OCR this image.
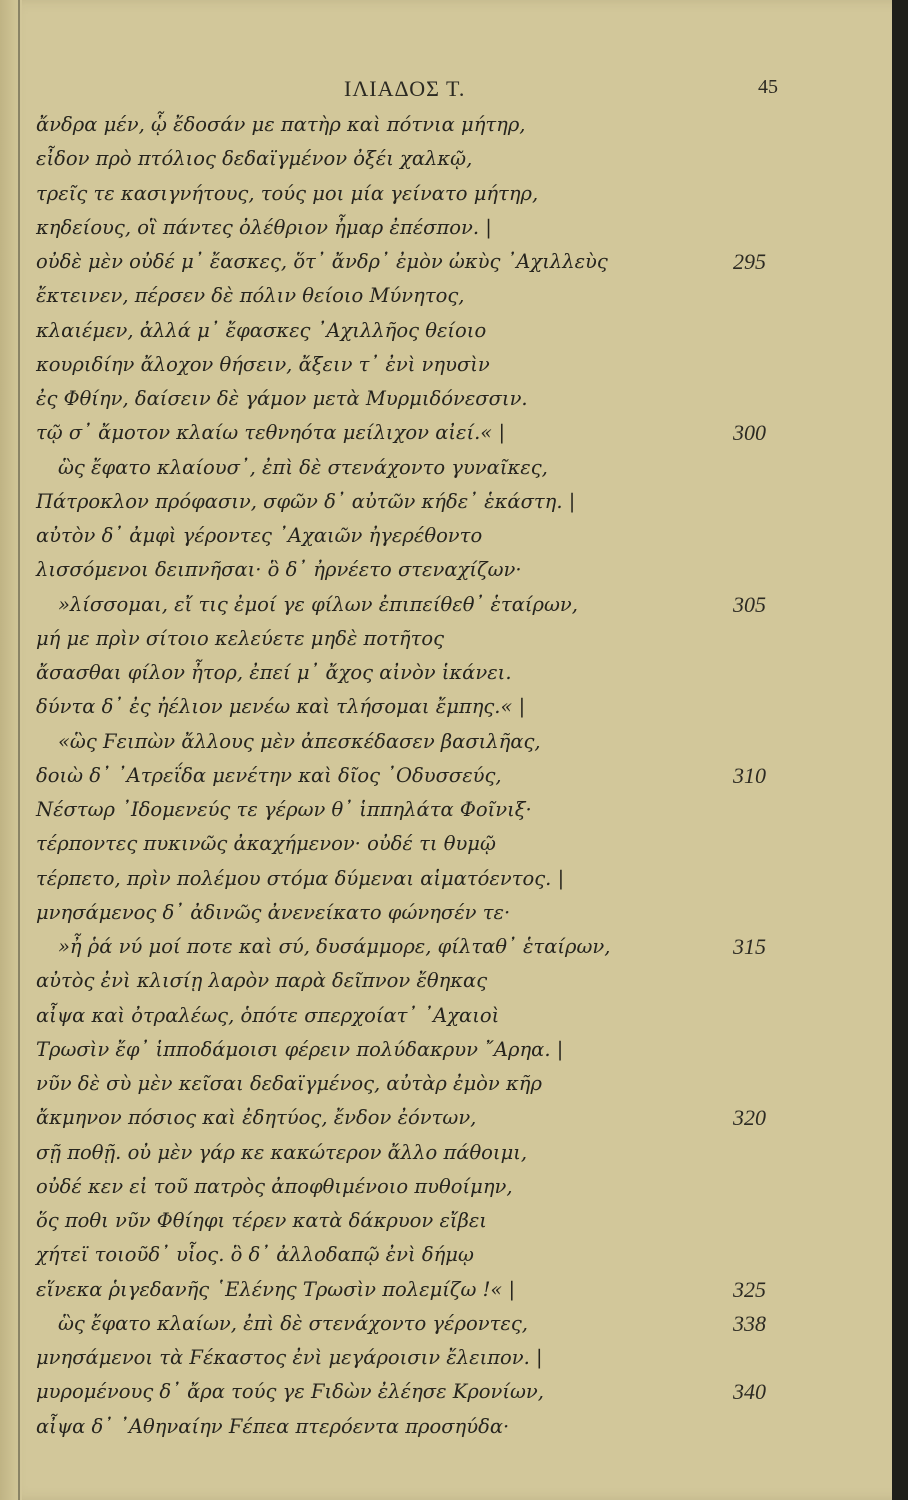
ΙΛΙΑΔΟΣ Τ.	45
ἄνδρα μέν, ᾧ ἔδοσάν με πατὴρ καὶ πότνια μήτηρ,
εἶδον πρὸ πτόλιος δεδαϊγμένον ὀξέι χαλκῷ,
τρεῖς τε κασιγνήτους, τούς μοι μία γείνατο μήτηρ,
κηδείους, οἳ πάντες ὀλέθριον ἦμαρ ἐπέσπον. |
οὐδὲ μὲν οὐδέ μ᾽ ἔασκες, ὅτ᾽ ἄνδρ᾽ ἐμὸν ὠκὺς ᾽Αχιλλεὺς	295
ἔκτεινεν, πέρσεν δὲ πόλιν θείοιο Μύνητος,
κλαιέμεν, ἀλλά μ᾽ ἔφασκες ᾽Αχιλλῆος θείοιο
κουριδίην ἄλοχον θήσειν, ἄξειν τ᾽ ἐνὶ νηυσὶν
ἐς Φθίην, δαίσειν δὲ γάμον μετὰ Μυρμιδόνεσσιν.
τῷ σ᾽ ἄμοτον κλαίω τεθνηότα μείλιχον αἰεί.« |	300
ὣς ἔφατο κλαίουσ᾽, ἐπὶ δὲ στενάχοντο γυναῖκες,
Πάτροκλον πρόφασιν, σφῶν δ᾽ αὐτῶν κήδε᾽ ἑκάστη. |
αὐτὸν δ᾽ ἀμφὶ γέροντες ᾽Αχαιῶν ἠγερέθοντο
λισσόμενοι δειπνῆσαι· ὃ δ᾽ ἠρνέετο στεναχίζων·
»λίσσομαι, εἴ τις ἐμοί γε φίλων ἐπιπείθεθ᾽ ἑταίρων,	305
μή με πρὶν σίτοιο κελεύετε μηδὲ ποτῆτος
ἄσασθαι φίλον ἦτορ, ἐπεί μ᾽ ἄχος αἰνὸν ἱκάνει.
δύντα δ᾽ ἐς ἠέλιον μενέω καὶ τλήσομαι ἔμπης.« |
«ὣς Ϝειπὼν ἄλλους μὲν ἀπεσκέδασεν βασιλῆας,
δοιὼ δ᾽ ᾽Ατρεΐδα μενέτην καὶ δῖος ᾽Οδυσσεύς,	310
Νέστωρ ᾽Ιδομενεύς τε γέρων θ᾽ ἱππηλάτα Φοῖνιξ·
τέρποντες πυκινῶς ἀκαχήμενον· οὐδέ τι θυμῷ
τέρπετο, πρὶν πολέμου στόμα δύμεναι αἱματόεντος. |
μνησάμενος δ᾽ ἀδινῶς ἀνενείκατο φώνησέν τε·
»ἦ ῥά νύ μοί ποτε καὶ σύ, δυσάμμορε, φίλταθ᾽ ἑταίρων,	315
αὐτὸς ἐνὶ κλισίῃ λαρὸν παρὰ δεῖπνον ἔθηκας
αἶψα καὶ ὀτραλέως, ὁπότε σπερχοίατ᾽ ᾽Αχαιοὶ
Τρωσὶν ἔφ᾽ ἱπποδάμοισι φέρειν πολύδακρυν ῎Αρηα. |
νῦν δὲ σὺ μὲν κεῖσαι δεδαϊγμένος, αὐτὰρ ἐμὸν κῆρ
ἄκμηνον πόσιος καὶ ἐδητύος, ἔνδον ἐόντων,	320
σῇ ποθῇ. οὐ μὲν γάρ κε κακώτερον ἄλλο πάθοιμι,
οὐδέ κεν εἰ τοῦ πατρὸς ἀποφθιμένοιο πυθοίμην,
ὅς ποθι νῦν Φθίηφι τέρεν κατὰ δάκρυον εἴβει
χήτεϊ τοιοῦδ᾽ υἷος. ὃ δ᾽ ἀλλοδαπῷ ἐνὶ δήμῳ
εἵνεκα ῥιγεδανῆς ῾Ελένης Τρωσὶν πολεμίζω !« |	325
ὣς ἔφατο κλαίων, ἐπὶ δὲ στενάχοντο γέροντες,	338
μνησάμενοι τὰ Ϝέκαστος ἐνὶ μεγάροισιν ἔλειπον. |
μυρομένους δ᾽ ἄρα τούς γε Ϝιδὼν ἐλέησε Κρονίων,	340
αἶψα δ᾽ ᾽Αθηναίην Ϝέπεα πτερόεντα προσηύδα·
